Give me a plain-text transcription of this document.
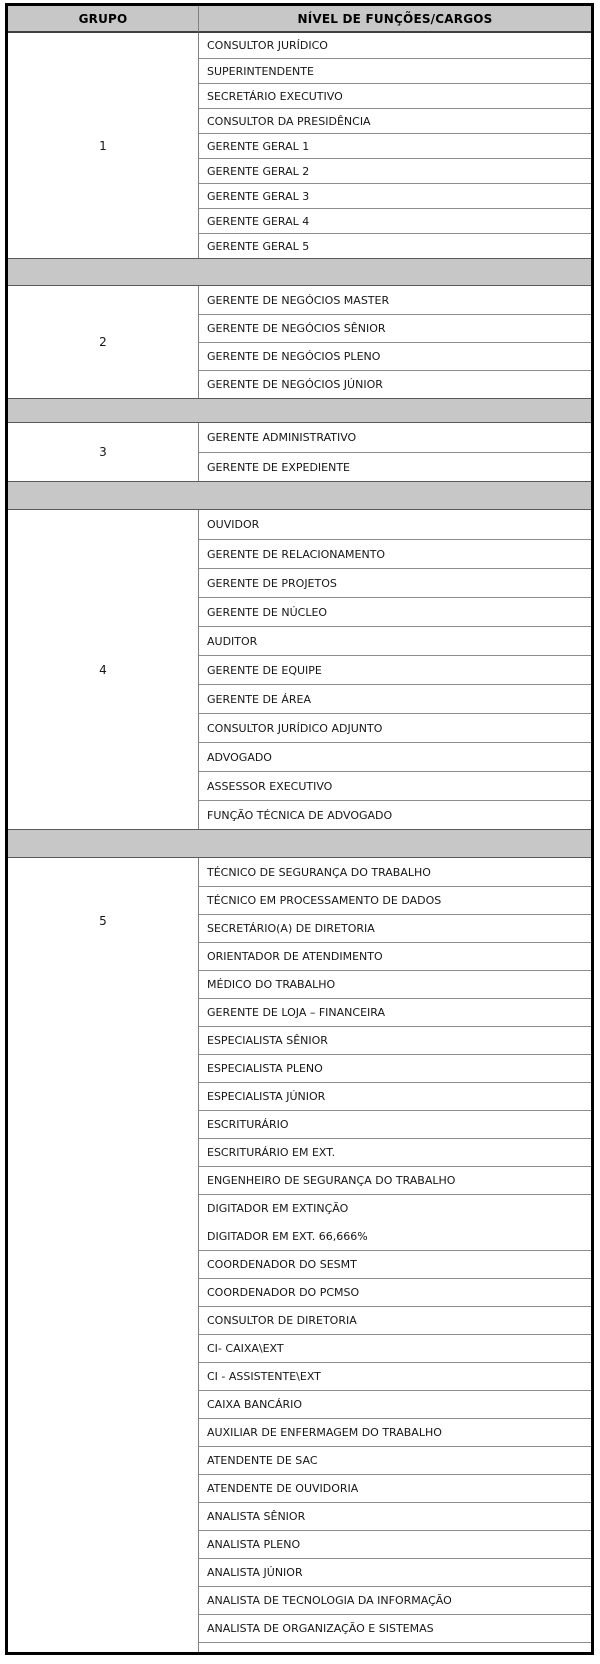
GRUPO	NÍVEL DE FUNÇÕES/CARGOS
1	CONSULTOR JURÍDICO
	SUPERINTENDENTE
	SECRETÁRIO EXECUTIVO
	CONSULTOR DA PRESIDÊNCIA
	GERENTE GERAL 1
	GERENTE GERAL 2
	GERENTE GERAL 3
	GERENTE GERAL 4
	GERENTE GERAL 5

2	GERENTE DE NEGÓCIOS MASTER
	GERENTE DE NEGÓCIOS SÊNIOR
	GERENTE DE NEGÓCIOS PLENO
	GERENTE DE NEGÓCIOS JÚNIOR

3	GERENTE ADMINISTRATIVO
	GERENTE DE EXPEDIENTE

4	OUVIDOR
	GERENTE DE RELACIONAMENTO
	GERENTE DE PROJETOS
	GERENTE DE NÚCLEO
	AUDITOR
	GERENTE DE EQUIPE
	GERENTE DE ÁREA
	CONSULTOR JURÍDICO ADJUNTO
	ADVOGADO
	ASSESSOR EXECUTIVO
	FUNÇÃO TÉCNICA DE ADVOGADO

5	TÉCNICO DE SEGURANÇA DO TRABALHO
	TÉCNICO EM PROCESSAMENTO DE DADOS
	SECRETÁRIO(A) DE DIRETORIA
	ORIENTADOR DE ATENDIMENTO
	MÉDICO DO TRABALHO
	GERENTE DE LOJA – FINANCEIRA
	ESPECIALISTA SÊNIOR
	ESPECIALISTA PLENO
	ESPECIALISTA JÚNIOR
	ESCRITURÁRIO
	ESCRITURÁRIO EM EXT.
	ENGENHEIRO DE SEGURANÇA DO TRABALHO
	DIGITADOR EM EXTINÇÃO
	DIGITADOR EM EXT. 66,666%
	COORDENADOR DO SESMT
	COORDENADOR DO PCMSO
	CONSULTOR DE DIRETORIA
	CI- CAIXA\EXT
	CI - ASSISTENTE\EXT
	CAIXA BANCÁRIO
	AUXILIAR DE ENFERMAGEM DO TRABALHO
	ATENDENTE DE SAC
	ATENDENTE DE OUVIDORIA
	ANALISTA SÊNIOR
	ANALISTA PLENO
	ANALISTA JÚNIOR
	ANALISTA DE TECNOLOGIA DA INFORMAÇÃO
	ANALISTA DE ORGANIZAÇÃO E SISTEMAS
